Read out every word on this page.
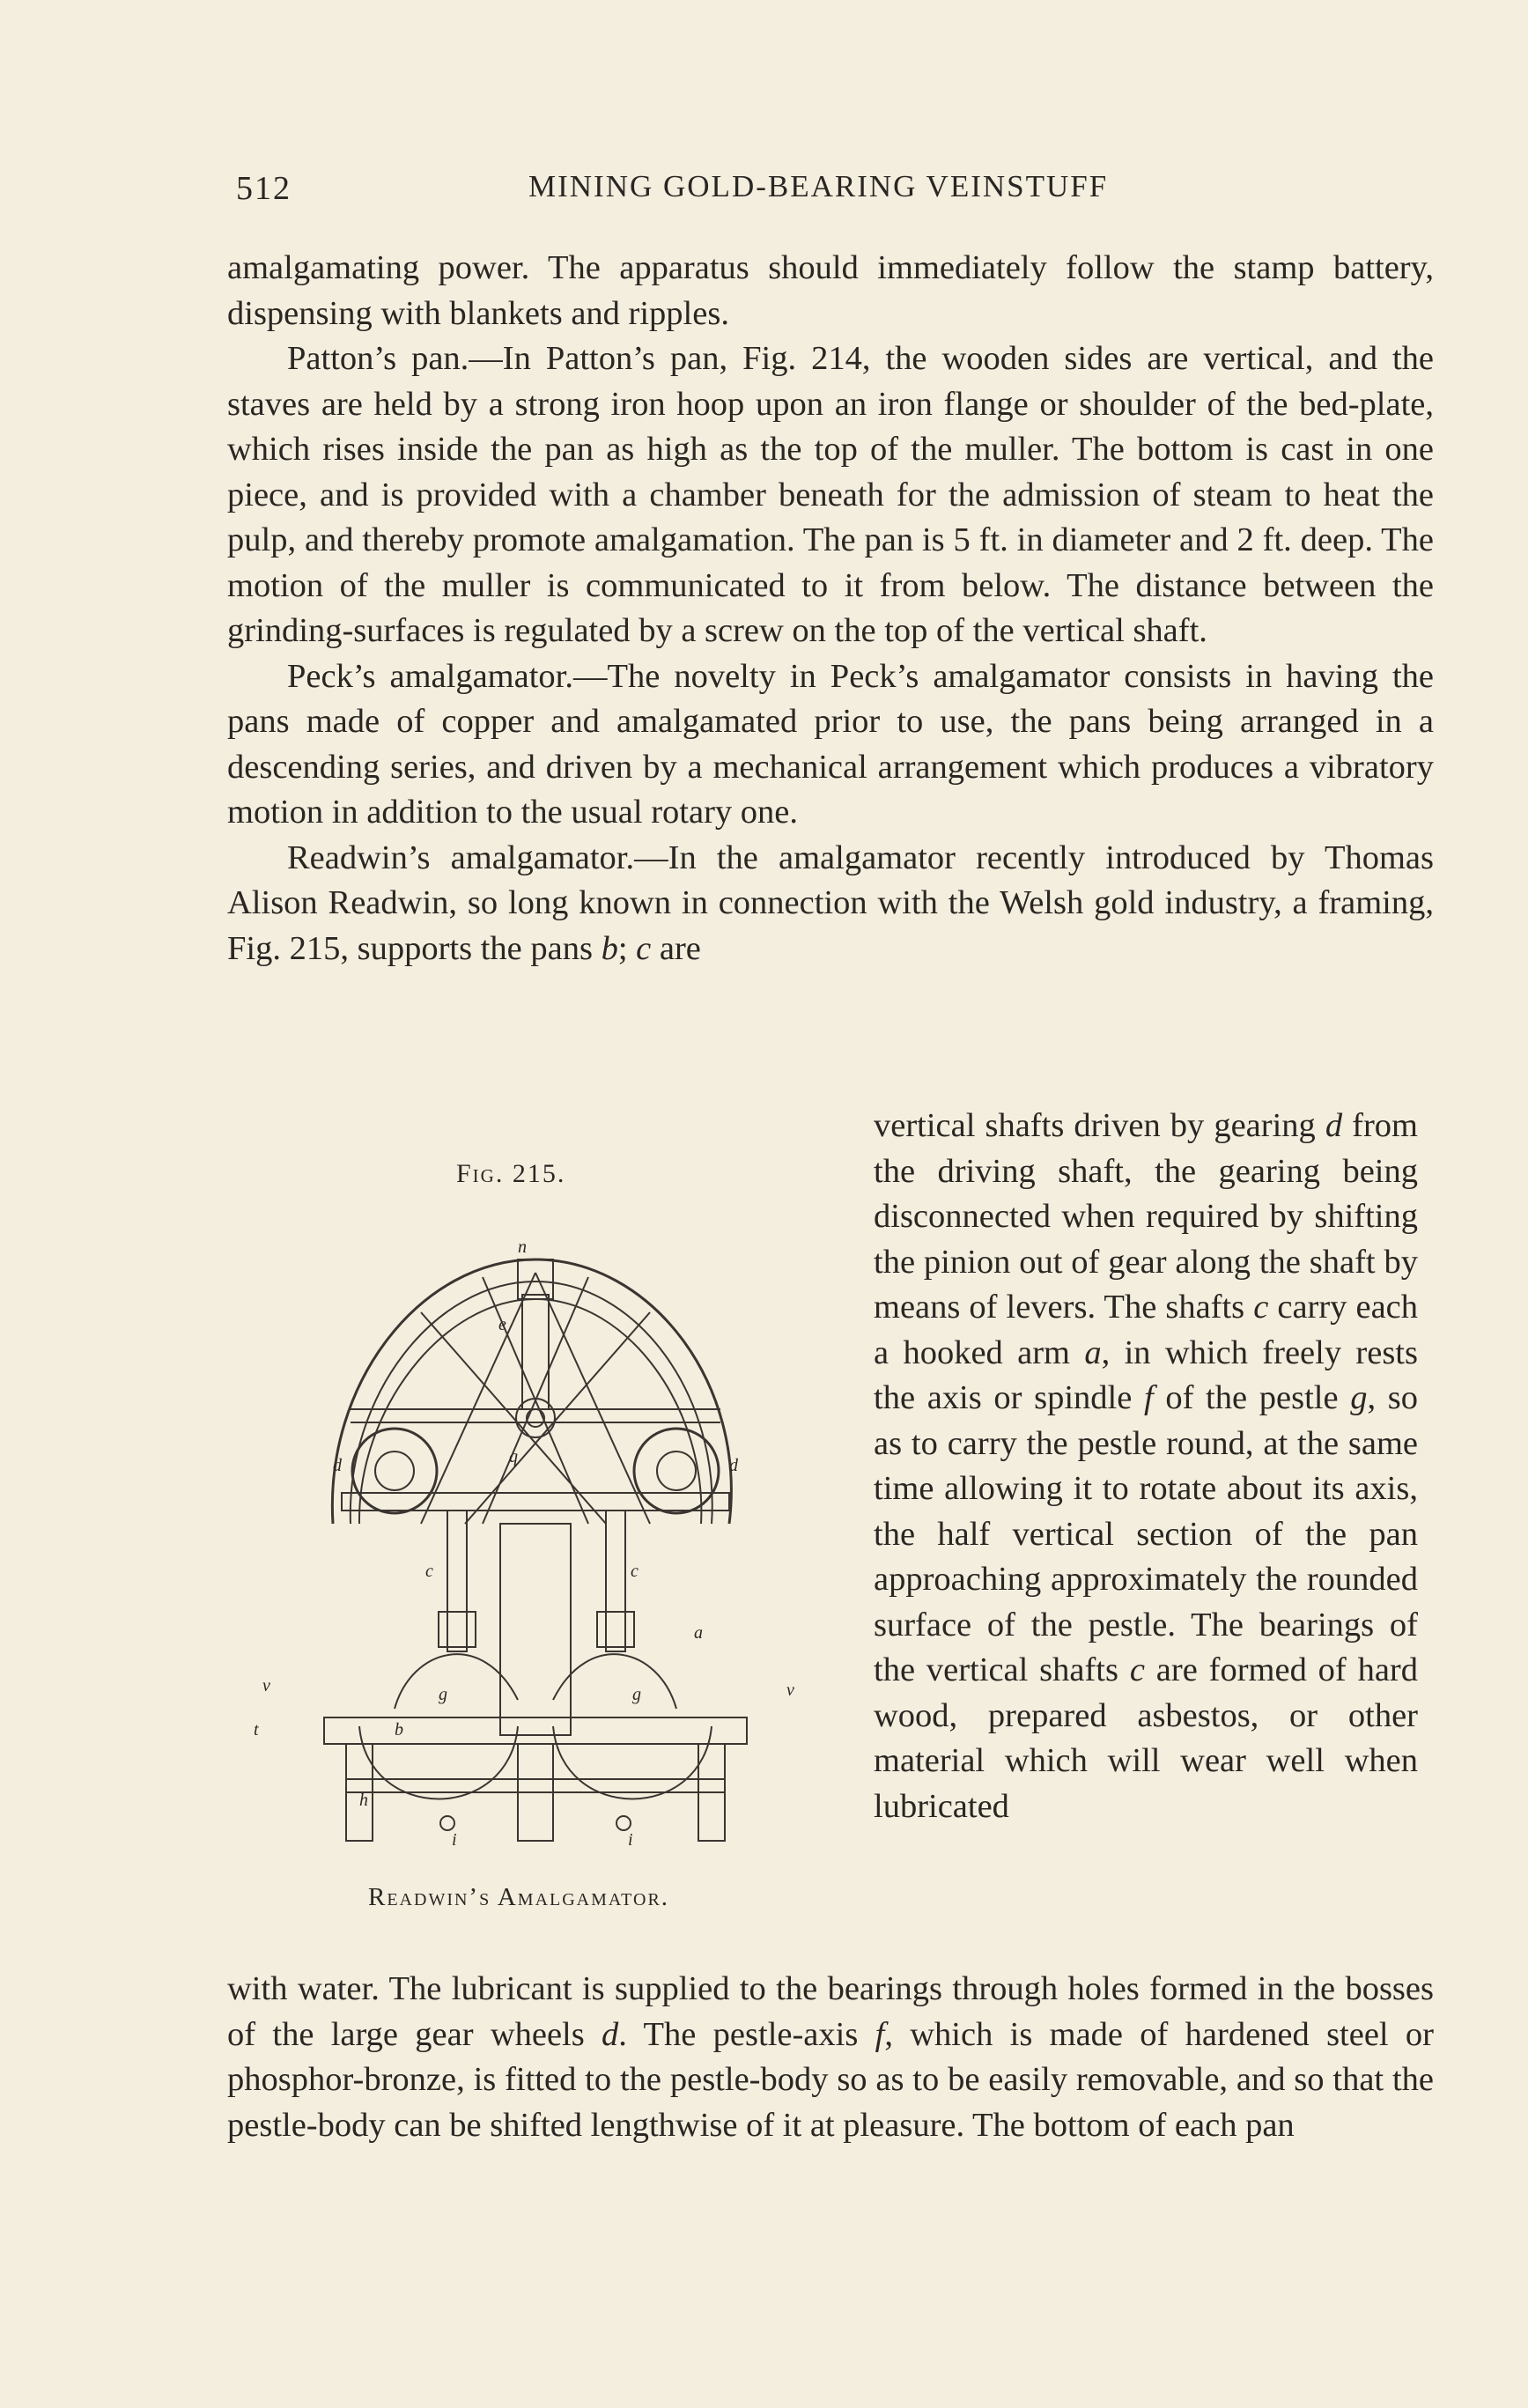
512	MINING GOLD-BEARING VEINSTUFF

amalgamating power. The apparatus should immediately follow the stamp battery, dispensing with blankets and ripples.

Patton’s pan.—In Patton’s pan, Fig. 214, the wooden sides are vertical, and the staves are held by a strong iron hoop upon an iron flange or shoulder of the bed-plate, which rises inside the pan as high as the top of the muller. The bottom is cast in one piece, and is provided with a chamber beneath for the admission of steam to heat the pulp, and thereby promote amalgamation. The pan is 5 ft. in diameter and 2 ft. deep. The motion of the muller is communicated to it from below. The distance between the grinding-surfaces is regulated by a screw on the top of the vertical shaft.

Peck’s amalgamator.—The novelty in Peck’s amalgamator consists in having the pans made of copper and amalgamated prior to use, the pans being arranged in a descending series, and driven by a mechanical arrangement which produces a vibratory motion in addition to the usual rotary one.

Readwin’s amalgamator.—In the amalgamator recently introduced by Thomas Alison Readwin, so long known in connection with the Welsh gold industry, a framing, Fig. 215, supports the pans b; c are

Fig. 215.
vertical shafts driven by gearing d from the driving shaft, the gearing being disconnected when required by shifting the pinion out of gear along the shaft by means of levers. The shafts c carry each a hooked arm a, in which freely rests the axis or spindle f of the pestle g, so as to carry the pestle round, at the same time allowing it to rotate about its axis, the half vertical section of the pan approaching approximately the rounded surface of the pestle. The bearings of the vertical shafts c are formed of hard wood, prepared asbestos, or other material which will wear well when lubricated
n
e
d	d
q
c	c
a
v	v
g	g
t	b
h
i	i
Readwin’s Amalgamator.

with water. The lubricant is supplied to the bearings through holes formed in the bosses of the large gear wheels d. The pestle-axis f, which is made of hardened steel or phosphor-bronze, is fitted to the pestle-body so as to be easily removable, and so that the pestle-body can be shifted lengthwise of it at pleasure. The bottom of each pan
